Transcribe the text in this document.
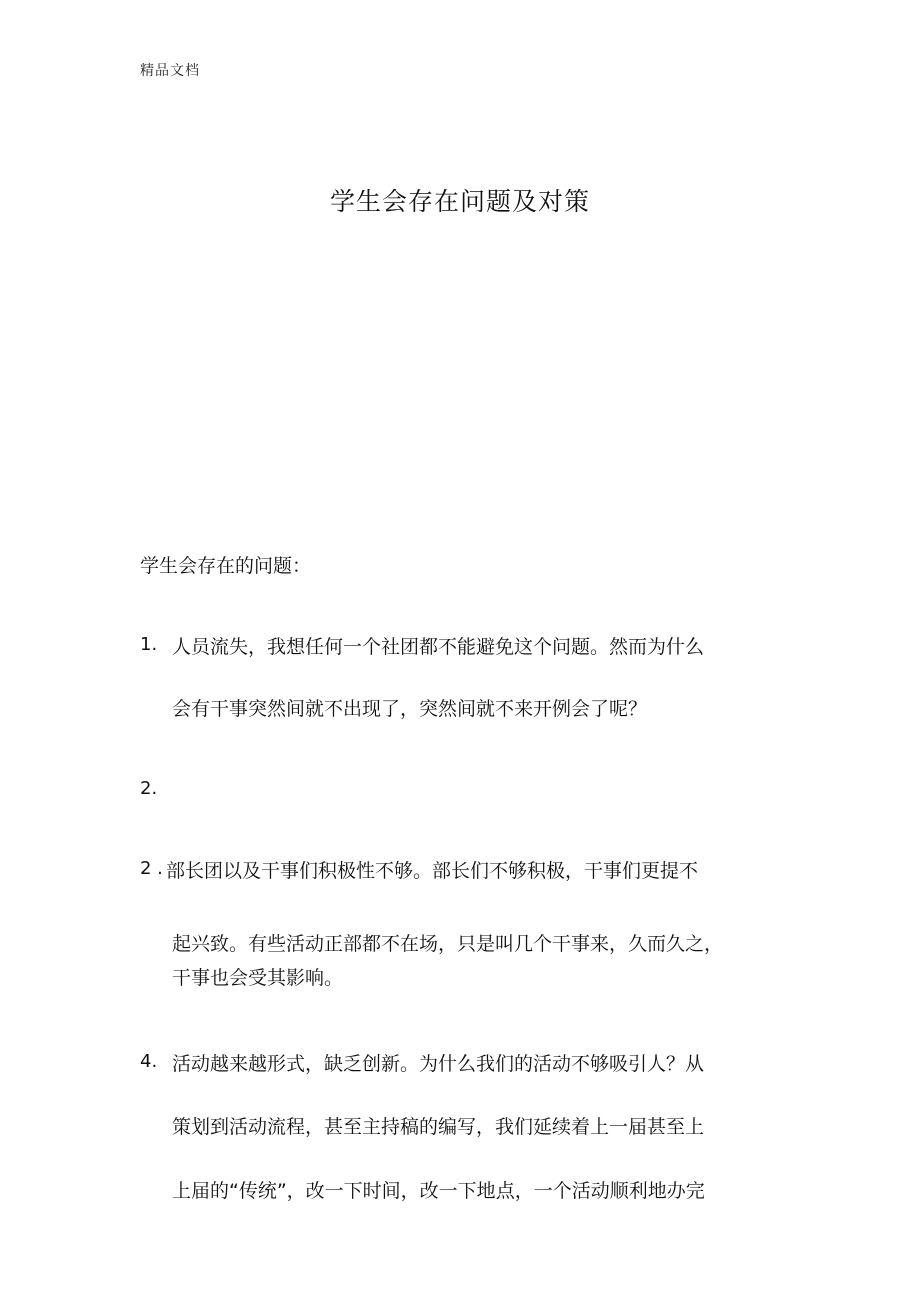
精品文档
学生会存在问题及对策
学生会存在的问题：
1. 人员流失，我想任何一个社团都不能避免这个问题。然而为什么
会有干事突然间就不出现了，突然间就不来开例会了呢？
2.
2 . 部长团以及干事们积极性不够。部长们不够积极，干事们更提不
起兴致。有些活动正部都不在场，只是叫几个干事来，久而久之，
干事也会受其影响。
4. 活动越来越形式，缺乏创新。为什么我们的活动不够吸引人？从
策划到活动流程，甚至主持稿的编写，我们延续着上一届甚至上
上届的“传统”，改一下时间，改一下地点，一个活动顺利地办完
